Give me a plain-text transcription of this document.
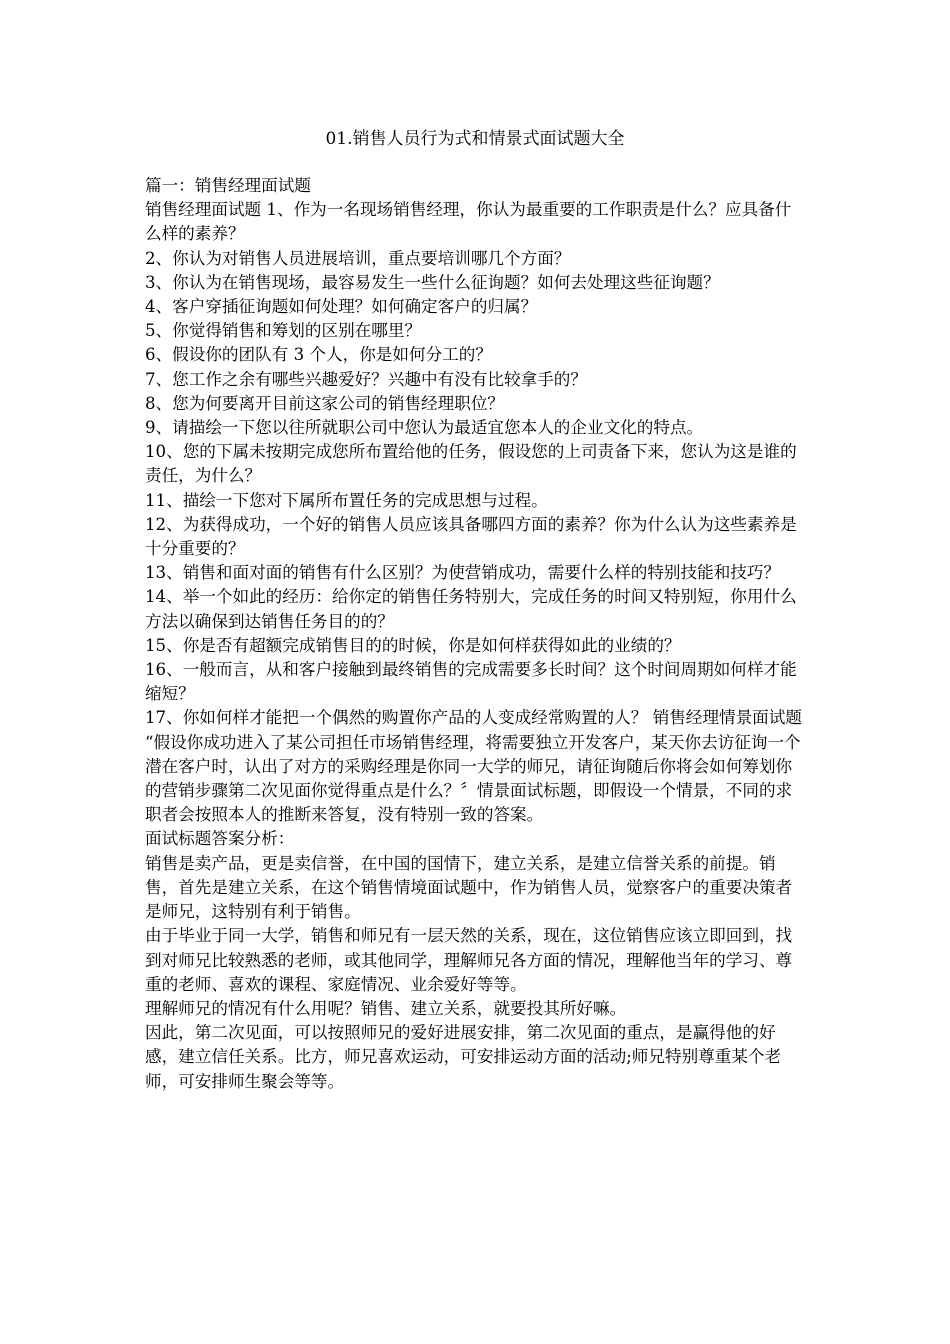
01.销售人员行为式和情景式面试题大全

篇一：销售经理面试题

销售经理面试题 1、作为一名现场销售经理，你认为最重要的工作职责是什么？应具备什么样的素养？

2、你认为对销售人员进展培训，重点要培训哪几个方面？

3、你认为在销售现场，最容易发生一些什么征询题？如何去处理这些征询题？

4、客户穿插征询题如何处理？如何确定客户的归属？

5、你觉得销售和筹划的区别在哪里？

6、假设你的团队有 3 个人，你是如何分工的？

7、您工作之余有哪些兴趣爱好？兴趣中有没有比较拿手的？

8、您为何要离开目前这家公司的销售经理职位？

9、请描绘一下您以往所就职公司中您认为最适宜您本人的企业文化的特点。

10、您的下属未按期完成您所布置给他的任务，假设您的上司责备下来，您认为这是谁的责任，为什么？

11、描绘一下您对下属所布置任务的完成思想与过程。

12、为获得成功，一个好的销售人员应该具备哪四方面的素养？你为什么认为这些素养是十分重要的？

13、销售和面对面的销售有什么区别？为使营销成功，需要什么样的特别技能和技巧？

14、举一个如此的经历：给你定的销售任务特别大，完成任务的时间又特别短，你用什么方法以确保到达销售任务目的的？

15、你是否有超额完成销售目的的时候，你是如何样获得如此的业绩的？

16、一般而言，从和客户接触到最终销售的完成需要多长时间？这个时间周期如何样才能缩短？

17、你如何样才能把一个偶然的购置你产品的人变成经常购置的人？ 销售经理情景面试题

“假设你成功进入了某公司担任市场销售经理，将需要独立开发客户，某天你去访征询一个潜在客户时，认出了对方的采购经理是你同一大学的师兄，请征询随后你将会如何筹划你的营销步骤第二次见面你觉得重点是什么？〞情景面试标题，即假设一个情景，不同的求职者会按照本人的推断来答复，没有特别一致的答案。

面试标题答案分析：

销售是卖产品，更是卖信誉，在中国的国情下，建立关系，是建立信誉关系的前提。销售，首先是建立关系，在这个销售情境面试题中，作为销售人员，觉察客户的重要决策者是师兄，这特别有利于销售。

由于毕业于同一大学，销售和师兄有一层天然的关系，现在，这位销售应该立即回到，找到对师兄比较熟悉的老师，或其他同学，理解师兄各方面的情况，理解他当年的学习、尊重的老师、喜欢的课程、家庭情况、业余爱好等等。

理解师兄的情况有什么用呢？销售、建立关系，就要投其所好嘛。

因此，第二次见面，可以按照师兄的爱好进展安排，第二次见面的重点，是赢得他的好感，建立信任关系。比方，师兄喜欢运动，可安排运动方面的活动;师兄特别尊重某个老师，可安排师生聚会等等。
